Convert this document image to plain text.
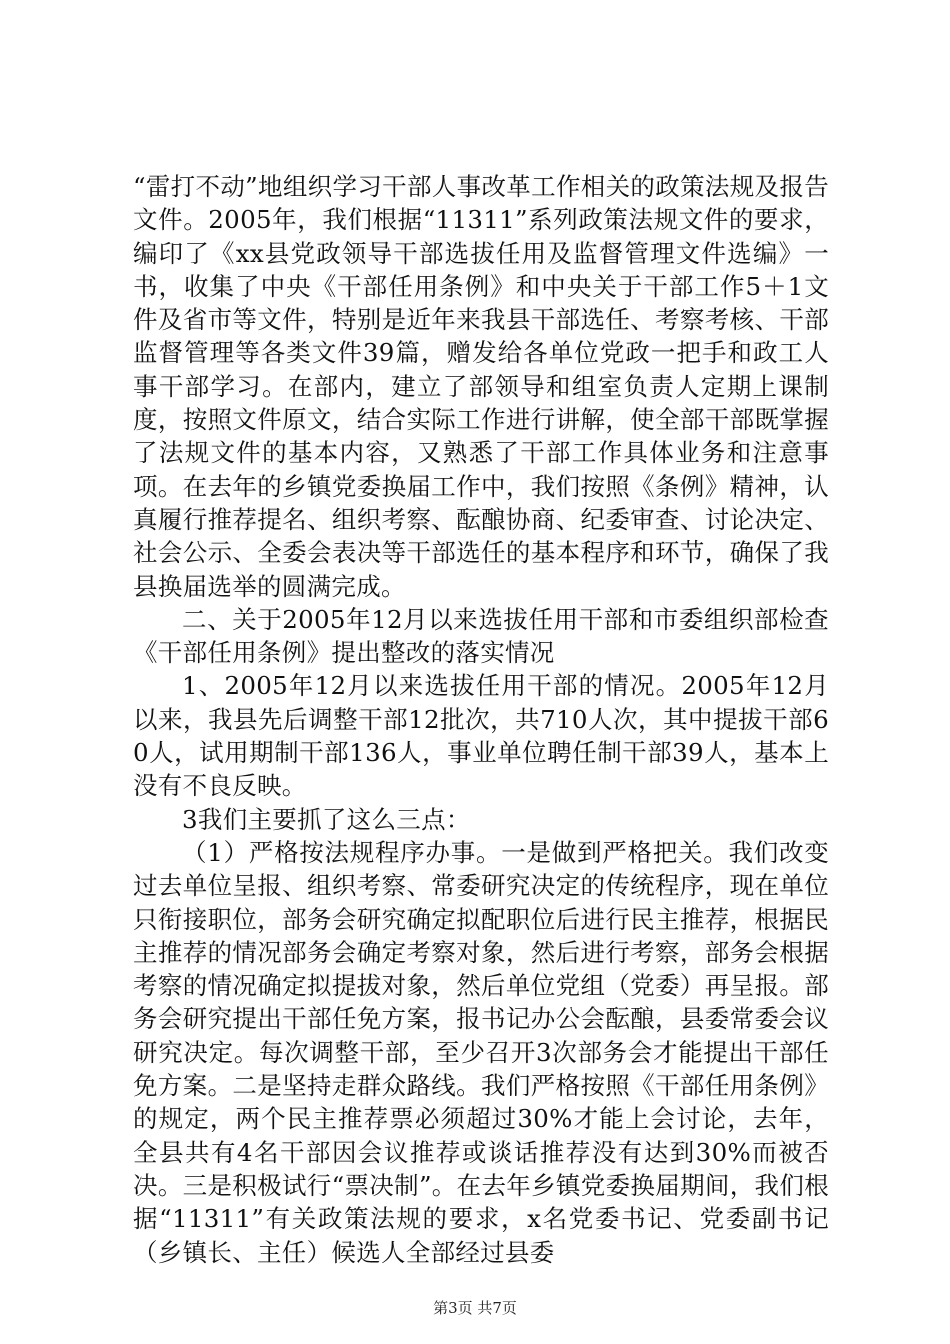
“雷打不动”地组织学习干部人事改革工作相关的政策法规及报告文件。2005年，我们根据“11311”系列政策法规文件的要求，编印了《xx县党政领导干部选拔任用及监督管理文件选编》一书，收集了中央《干部任用条例》和中央关于干部工作5＋1文件及省市等文件，特别是近年来我县干部选任、考察考核、干部监督管理等各类文件39篇，赠发给各单位党政一把手和政工人事干部学习。在部内，建立了部领导和组室负责人定期上课制度，按照文件原文，结合实际工作进行讲解，使全部干部既掌握了法规文件的基本内容，又熟悉了干部工作具体业务和注意事项。在去年的乡镇党委换届工作中，我们按照《条例》精神，认真履行推荐提名、组织考察、酝酿协商、纪委审查、讨论决定、社会公示、全委会表决等干部选任的基本程序和环节，确保了我县换届选举的圆满完成。

二、关于2005年12月以来选拔任用干部和市委组织部检查《干部任用条例》提出整改的落实情况

1、2005年12月以来选拔任用干部的情况。2005年12月以来，我县先后调整干部12批次，共710人次，其中提拔干部60人，试用期制干部136人，事业单位聘任制干部39人，基本上没有不良反映。

3我们主要抓了这么三点：

（1）严格按法规程序办事。一是做到严格把关。我们改变过去单位呈报、组织考察、常委研究决定的传统程序，现在单位只衔接职位，部务会研究确定拟配职位后进行民主推荐，根据民主推荐的情况部务会确定考察对象，然后进行考察，部务会根据考察的情况确定拟提拔对象，然后单位党组（党委）再呈报。部务会研究提出干部任免方案，报书记办公会酝酿，县委常委会议研究决定。每次调整干部，至少召开3次部务会才能提出干部任免方案。二是坚持走群众路线。我们严格按照《干部任用条例》的规定，两个民主推荐票必须超过30%才能上会讨论，去年，全县共有4名干部因会议推荐或谈话推荐没有达到30%而被否决。三是积极试行“票决制”。在去年乡镇党委换届期间，我们根据“11311”有关政策法规的要求，x名党委书记、党委副书记（乡镇长、主任）候选人全部经过县委

第3页 共7页
